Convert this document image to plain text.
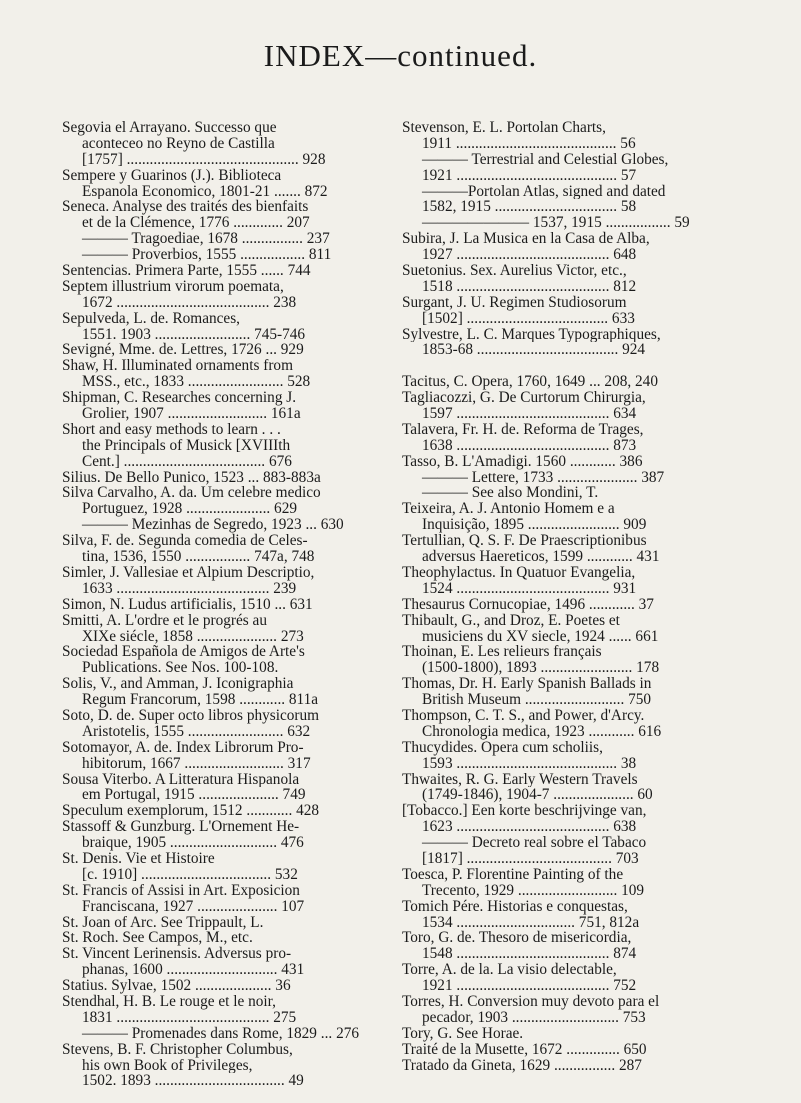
INDEX—continued.
Segovia el Arrayano. Successo que
aconteceo no Reyno de Castilla
[1757] ............................................. 928
Sempere y Guarinos (J.). Biblioteca
Espanola Economico, 1801-21 ....... 872
Seneca. Analyse des traités des bienfaits
et de la Clémence, 1776 ............. 207
——— Tragoediae, 1678 ................ 237
——— Proverbios, 1555 ................. 811
Sentencias. Primera Parte, 1555 ...... 744
Septem illustrium virorum poemata,
1672 ........................................ 238
Sepulveda, L. de. Romances,
1551. 1903 ......................... 745-746
Sevigné, Mme. de. Lettres, 1726 ... 929
Shaw, H. Illuminated ornaments from
MSS., etc., 1833 ......................... 528
Shipman, C. Researches concerning J.
Grolier, 1907 .......................... 161a
Short and easy methods to learn . . .
the Principals of Musick [XVIIIth
Cent.] ..................................... 676
Silius. De Bello Punico, 1523 ... 883-883a
Silva Carvalho, A. da. Um celebre medico
Portuguez, 1928 ...................... 629
——— Mezinhas de Segredo, 1923 ... 630
Silva, F. de. Segunda comedia de Celes-
tina, 1536, 1550 ................. 747a, 748
Simler, J. Vallesiae et Alpium Descriptio,
1633 ........................................ 239
Simon, N. Ludus artificialis, 1510 ... 631
Smitti, A. L'ordre et le progrés au
XIXe siécle, 1858 ..................... 273
Sociedad Española de Amigos de Arte's
Publications. See Nos. 100-108.
Solis, V., and Amman, J. Iconigraphia
Regum Francorum, 1598 ............ 811a
Soto, D. de. Super octo libros physicorum
Aristotelis, 1555 ......................... 632
Sotomayor, A. de. Index Librorum Pro-
hibitorum, 1667 .......................... 317
Sousa Viterbo. A Litteratura Hispanola
em Portugal, 1915 ..................... 749
Speculum exemplorum, 1512 ............ 428
Stassoff & Gunzburg. L'Ornement He-
braique, 1905 ............................ 476
St. Denis. Vie et Histoire
[c. 1910] .................................. 532
St. Francis of Assisi in Art. Exposicion
Franciscana, 1927 ..................... 107
St. Joan of Arc. See Trippault, L.
St. Roch. See Campos, M., etc.
St. Vincent Lerinensis. Adversus pro-
phanas, 1600 ............................. 431
Statius. Sylvae, 1502 .................... 36
Stendhal, H. B. Le rouge et le noir,
1831 ........................................ 275
——— Promenades dans Rome, 1829 ... 276
Stevens, B. F. Christopher Columbus,
his own Book of Privileges,
1502. 1893 .................................. 49
Stevenson, E. L. Portolan Charts,
1911 .......................................... 56
——— Terrestrial and Celestial Globes,
1921 .......................................... 57
———Portolan Atlas, signed and dated
1582, 1915 ................................ 58
——————— 1537, 1915 ................. 59
Subira, J. La Musica en la Casa de Alba,
1927 ........................................ 648
Suetonius. Sex. Aurelius Victor, etc.,
1518 ........................................ 812
Surgant, J. U. Regimen Studiosorum
[1502] ..................................... 633
Sylvestre, L. C. Marques Typographiques,
1853-68 ..................................... 924
Tacitus, C. Opera, 1760, 1649 ... 208, 240
Tagliacozzi, G. De Curtorum Chirurgia,
1597 ........................................ 634
Talavera, Fr. H. de. Reforma de Trages,
1638 ........................................ 873
Tasso, B. L'Amadigi. 1560 ............ 386
——— Lettere, 1733 ..................... 387
——— See also Mondini, T.
Teixeira, A. J. Antonio Homem e a
Inquisição, 1895 ........................ 909
Tertullian, Q. S. F. De Praescriptionibus
adversus Haereticos, 1599 ............ 431
Theophylactus. In Quatuor Evangelia,
1524 ........................................ 931
Thesaurus Cornucopiae, 1496 ............ 37
Thibault, G., and Droz, E. Poetes et
musiciens du XV siecle, 1924 ...... 661
Thoinan, E. Les relieurs français
(1500-1800), 1893 ........................ 178
Thomas, Dr. H. Early Spanish Ballads in
British Museum .......................... 750
Thompson, C. T. S., and Power, d'Arcy.
Chronologia medica, 1923 ............ 616
Thucydides. Opera cum scholiis,
1593 .......................................... 38
Thwaites, R. G. Early Western Travels
(1749-1846), 1904-7 ..................... 60
[Tobacco.] Een korte beschrijvinge van,
1623 ........................................ 638
——— Decreto real sobre el Tabaco
[1817] ...................................... 703
Toesca, P. Florentine Painting of the
Trecento, 1929 .......................... 109
Tomich Pére. Historias e conquestas,
1534 ............................... 751, 812a
Toro, G. de. Thesoro de misericordia,
1548 ........................................ 874
Torre, A. de la. La visio delectable,
1921 ........................................ 752
Torres, H. Conversion muy devoto para el
pecador, 1903 ............................ 753
Tory, G. See Horae.
Traité de la Musette, 1672 .............. 650
Tratado da Gineta, 1629 ................ 287
